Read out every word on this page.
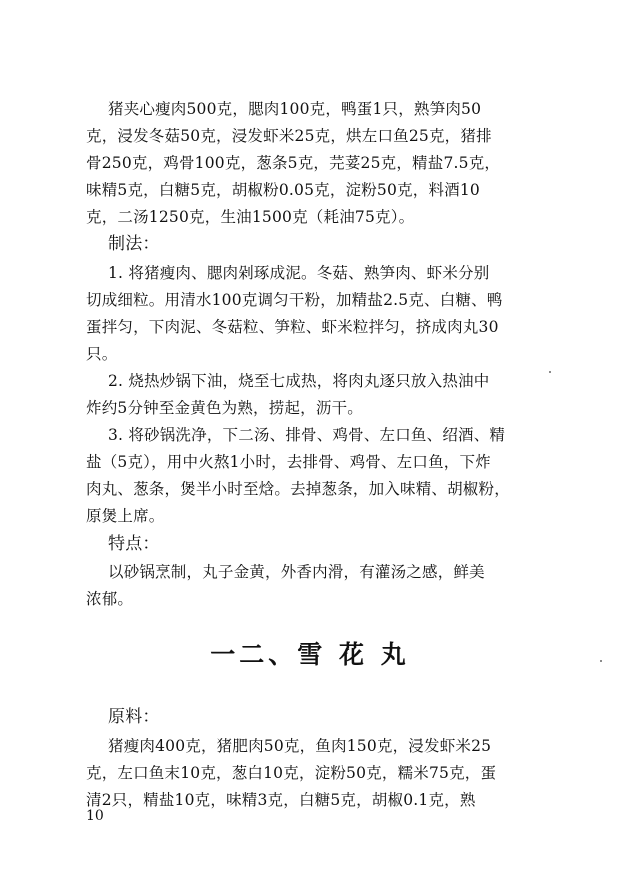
猪夹心瘦肉500克，腮肉100克，鸭蛋1只，熟笋肉50
克，浸发冬菇50克，浸发虾米25克，烘左口鱼25克，猪排
骨250克，鸡骨100克，葱条5克，芫荽25克，精盐7.5克，
味精5克，白糖5克，胡椒粉0.05克，淀粉50克，料酒10
克，二汤1250克，生油1500克（耗油75克）。
制法：
1. 将猪瘦肉、腮肉剁琢成泥。冬菇、熟笋肉、虾米分别
切成细粒。用清水100克调匀干粉，加精盐2.5克、白糖、鸭
蛋拌匀，下肉泥、冬菇粒、笋粒、虾米粒拌匀，挤成肉丸30
只。
2. 烧热炒锅下油，烧至七成热，将肉丸逐只放入热油中
炸约5分钟至金黄色为熟，捞起，沥干。
3. 将砂锅洗净，下二汤、排骨、鸡骨、左口鱼、绍酒、精
盐（5克），用中火熬1小时，去排骨、鸡骨、左口鱼，下炸
肉丸、葱条，煲半小时至焓。去掉葱条，加入味精、胡椒粉，
原煲上席。
特点：
以砂锅烹制，丸子金黄，外香内滑，有灌汤之感，鲜美
浓郁。
一二、雪 花 丸
原料：
猪瘦肉400克，猪肥肉50克，鱼肉150克，浸发虾米25
克，左口鱼末10克，葱白10克，淀粉50克，糯米75克，蛋
清2只，精盐10克，味精3克，白糖5克，胡椒0.1克，熟
10
